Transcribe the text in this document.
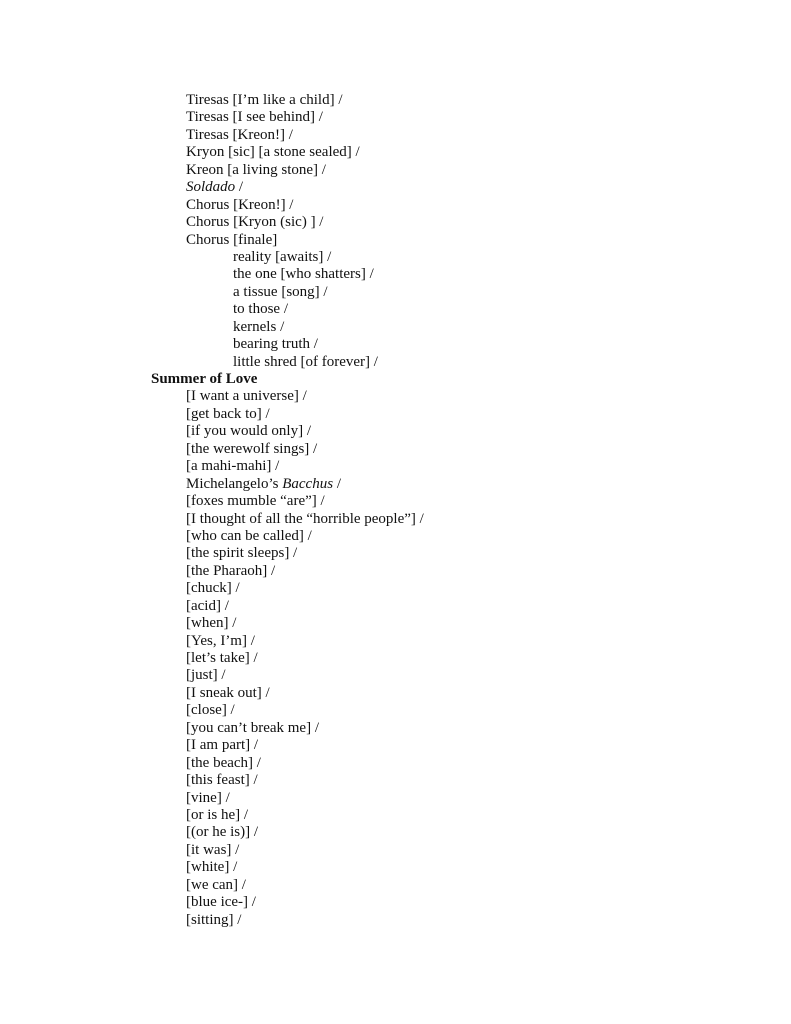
Tiresas [I’m like a child] /
Tiresas [I see behind] /
Tiresas [Kreon!] /
Kryon [sic] [a stone sealed] /
Kreon [a living stone] /
Soldado /
Chorus [Kreon!] /
Chorus [Kryon (sic) ] /
Chorus [finale]
reality [awaits] /
the one [who shatters] /
a tissue [song] /
to those /
kernels /
bearing truth /
little shred [of forever] /
Summer of Love
[I want a universe] /
[get back to] /
[if you would only] /
[the werewolf sings] /
[a mahi-mahi] /
Michelangelo’s Bacchus /
[foxes mumble “are”] /
[I thought of all the “horrible people”] /
[who can be called] /
[the spirit sleeps] /
[the Pharaoh] /
[chuck] /
[acid] /
[when] /
[Yes, I’m] /
[let’s take] /
[just] /
[I sneak out] /
[close] /
[you can’t break me] /
[I am part] /
[the beach] /
[this feast] /
[vine] /
[or is he] /
[(or he is)] /
[it was] /
[white] /
[we can] /
[blue ice-] /
[sitting] /
